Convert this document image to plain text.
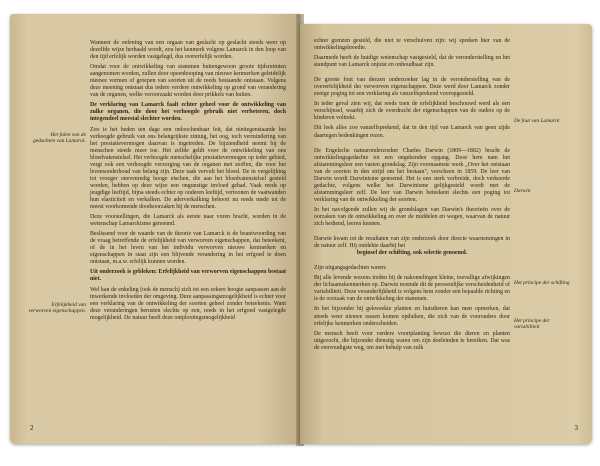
Wanneer de oefening van een orgaan van geslacht op geslacht steeds weer op dezelfde wijze herhaald wordt, zou het kenmerk volgens Lamarck in den loop van den tijd erfelijk worden vastgelegd, dus overerfelijk worden.

Omdat voor de ontwikkeling van stammen buitengewoon groote tijdsruimten aangenomen worden, zullen door opeenhooping van nieuwe kenmerken geleidelijk nieuwe vormen of groepen van soorten uit de reeds bestaande ontstaan. Volgens deze meening ontstaat dus iedere verdere ontwikkeling op grond van verandering van de organen, welke veroorzaakt worden door prikkels van buiten.

De verklaring van Lamarck faalt echter geheel voor de ontwikkeling van zulke organen, die door het verhoogde gebruik niet verbeteren, doch integendeel meestal slechter worden.

Zoo is het heden ten dage een onloochenbaar feit, dat niettegenstaande het verhoogde gebruik van ons belangrijkste zintuig, het oog, toch vermindering van het prestatievermogen daarvan is ingetreden. De bijziendheid neemt bij de menschen steeds meer toe. Het zelfde geldt voor de ontwikkeling van ons bloedvatenstelsel. Het verhoogde menschelijke prestatievermogen op ieder gebied, vergt ook een verhoogde verzorging van de organen met stoffen, die voor het levensonderhoud van belang zijn. Deze taak vervult het bloed. De in vergelijking tot vroeger onevenredig hooge eischen, die aan het bloedvatenstelsel gesteld worden, hebben op deze wijze een ongunstige invloed gehad. Vaak reeds op jeugdige leeftijd, bijna steeds echter op ouderen leeftijd, vertoonen de vaatwanden hun elasticiteit en verkalken. De aderverkalking behoort nu reeds mede tot de meest voorkomende doodsoorzaken bij de menschen.

Deze voorstellingen, die Lamarck als eerste naar voren bracht, worden in de wetenschap Lamarckisme genoemd.

Beslissend voor de waarde van de theorie van Lamarck is de beantwoording van de vraag betreffende de erfelijkheid van verworven eigenschappen, dat beteekent, of de in het leven van het individu verworven nieuwe kenmerken en eigenschappen in staat zijn een blijvende verandering in het erfgoed te doen ontstaan, m.a.w. erfelijk kunnen worden.

Uit onderzoek is gebleken: Erfelijkheid van verworven eigenschappen bestaat niet.

Wel kan de enkeling (ook de mensch) zich tot een zekere hoogte aanpassen aan de inwerkende invloeden der omgeving. Deze aanpassingsmogelijkheid is echter voor een verklaring van de ontwikkeling der soorten geheel zonder beteekenis. Want deze veranderingen berusten slechts op een, reeds in het erfgoed vastgelegde mogelijkheid. De natuur heeft deze ontplooiingsmogelijkheid

Het falen van de gedachten van Lamarck.
Erfelijkheid van verworven eigenschappen.
2

echter grenzen gesteld, die niet te verschuiven zijn: wij spreken hier van de ontwikkelingsbreedte.

Daarmede heeft de huidige wetenschap vastgesteld, dat de veronderstelling en het standpunt van Lamarck onjuist en onhoudbaar zijn.

De groote fout van deezen onderzoeker lag in de veronderstelling van de overerfelijkheid der verworven eigenschappen. Deze werd door Lamarck zonder eenige poging tot een verklaring als vanzelfsprekend vooropgesteld.

In ieder geval zien wij, dat reeds toen de erfelijkheid beschouwd werd als een verschijnsel, waarbij zich de overdracht der eigenschappen van de ouders op de kinderen voltrekt.

Dit leek alles zoo vanzelfsprekend, dat in den tijd van Lamarck van geen zijde daartegen bedenkingen rezen.

De Engelsche natuuronderzoeker Charles Darwin (1809—1882) bracht de ontwikkelingsgedachte tot een ongekenden opgang. Door hem nam het afstammingsleer een vasten grondslag. Zijn voornaamste werk „Over het ontstaan van de soorten in den strijd om het bestaan", verscheen in 1859. De leer van Darwin wordt Darwinisme genoemd. Het is een sterk verbreide, doch verkeerde gedachte, volgens welke het Darwinisme gelijkgesteld wordt met de afstammingsleer zelf. De leer van Darwin beteekent slechts een poging tot verklaring van de ontwikkeling der soorten.

In het navolgende zullen wij de grondslagen van Darwin's theorieën over de oorzaken van de ontwikkeling en over de middelen en wegen, waarvan de natuur zich bediend, leeren kennen.

Darwin kwam tot de resultaten van zijn onderzoek door directe waarnemingen in de natuur zelf. Hij ontdekte daarbij het

beginsel der schifting, ook selectie genoemd.

Zijn uitgangsgedachten waren:

Bij alle levende wezens treden bij de nakomelingen kleine, toevallige afwijkingen der lichaamskenmerken op. Darwin noemde dit de persoonlijke verscheidenheid of variabiliteit. Deze veranderlijkheid is volgens hem zonder een bepaalde richting en is de oorzaak van de ontwikkeling der stammen.

In het bijzonder bij gekweekte planten en huisdieren kan men opmerken, dat steeds weer nieuwe rassen komen opduiken, die zich van de voorouders door erfelijke kenmerken onderscheiden.

De mensch heeft voor verdere voortplanting bewust die dieren en planten uitgezocht, die bijzonder dienstig waren om zijn doeleinden te bereiken. Dat was de eenvoudigste weg, om met behulp van zulk

De fout van Lamarck
Darwin
Het principe der schifting
Het principe der variabiliteit
3
